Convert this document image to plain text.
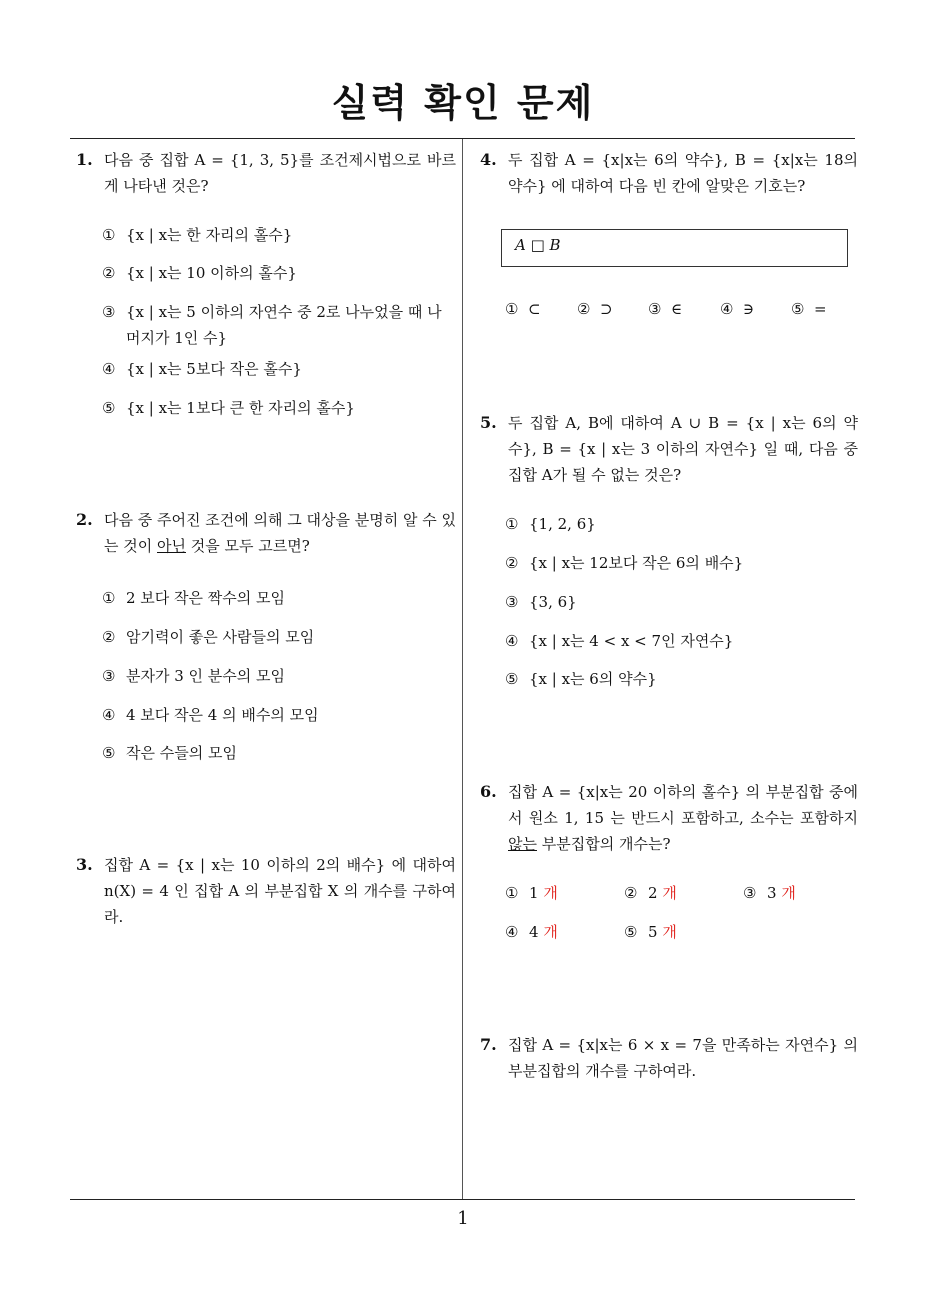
실력 확인 문제
1
1. 다음 중 집합 A = {1, 3, 5}를 조건제시법으로 바르게 나타낸 것은?
① {x | x는 한 자리의 홀수}
② {x | x는 10 이하의 홀수}
③ {x | x는 5 이하의 자연수 중 2로 나누었을 때 나머지가 1인 수}
④ {x | x는 5보다 작은 홀수}
⑤ {x | x는 1보다 큰 한 자리의 홀수}
2. 다음 중 주어진 조건에 의해 그 대상을 분명히 알 수 있는 것이 아닌 것을 모두 고르면?
① 2 보다 작은 짝수의 모임
② 암기력이 좋은 사람들의 모임
③ 분자가 3 인 분수의 모임
④ 4 보다 작은 4 의 배수의 모임
⑤ 작은 수들의 모임
3. 집합 A = {x | x는 10 이하의 2의 배수} 에 대하여 n(X) = 4 인 집합 A 의 부분집합 X 의 개수를 구하여라.
4. 두 집합 A = {x|x는 6의 약수}, B = {x|x는 18의 약수} 에 대하여 다음 빈 칸에 알맞은 기호는?
A □ B
① ⊂ ② ⊃ ③ ∈	④ ∋ ⑤ =
5. 두 집합 A, B에 대하여 A ∪ B = {x | x는 6의 약수}, B = {x | x는 3 이하의 자연수} 일 때, 다음 중 집합 A가 될 수 없는 것은?
① {1, 2, 6}
② {x | x는 12보다 작은 6의 배수}
③ {3, 6}
④ {x | x는 4 < x < 7인 자연수}
⑤ {x | x는 6의 약수}
6. 집합 A = {x|x는 20 이하의 홀수} 의 부분집합 중에서 원소 1, 15 는 반드시 포함하고, 소수는 포함하지 않는 부분집합의 개수는?
① 1 개	② 2 개	③ 3 개
④ 4 개	⑤ 5 개
7. 집합 A = {x|x는 6 × x = 7을 만족하는 자연수} 의 부분집합의 개수를 구하여라.
